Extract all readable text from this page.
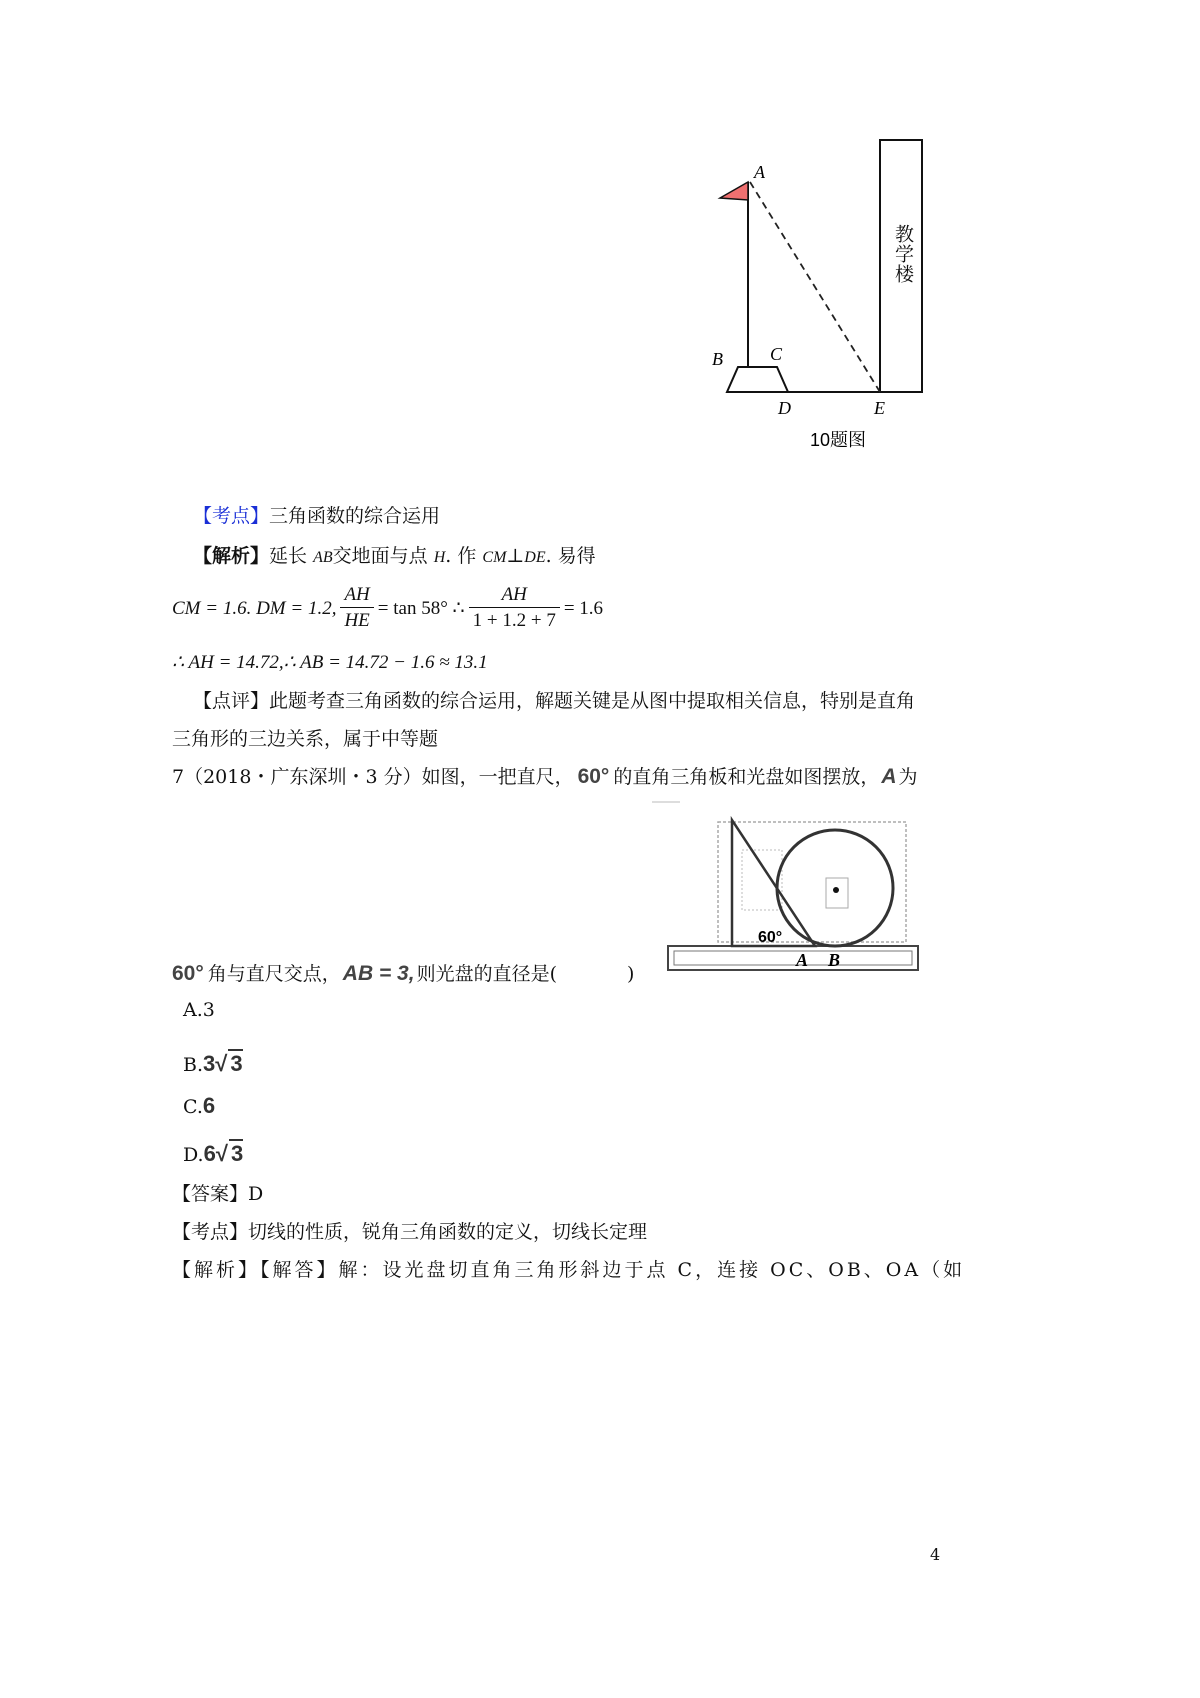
A
B	C
D	E
10题图
教学楼
【考点】三角函数的综合运用
【解析】延长 AB交地面与点 H. 作 CM⊥DE. 易得
CM = 1.6. DM = 1.2, $\frac{AH}{HE} = \tan 58^\circ$ ∴ $\frac{AH}{1 + 1.2 + 7} = 1.6$
∴ AH = 14.72,∴ AB = 14.72 − 1.6 ≈ 13.1
【点评】此题考查三角函数的综合运用，解题关键是从图中提取相关信息，特别是直角
三角形的三边关系，属于中等题
7（2018・广东深圳・3 分）如图，一把直尺， 60° 的直角三角板和光盘如图摆放，A 为
60°
A B
60° 角与直尺交点，AB = 3, 则光盘的直径是(	)
A.3
B.3√ 3
C.6
D.6√ 3
【答案】D
【考点】切线的性质，锐角三角函数的定义，切线长定理
【解析】【解答】解：设光盘切直角三角形斜边于点 C，连接 OC、OB、OA（如
4
